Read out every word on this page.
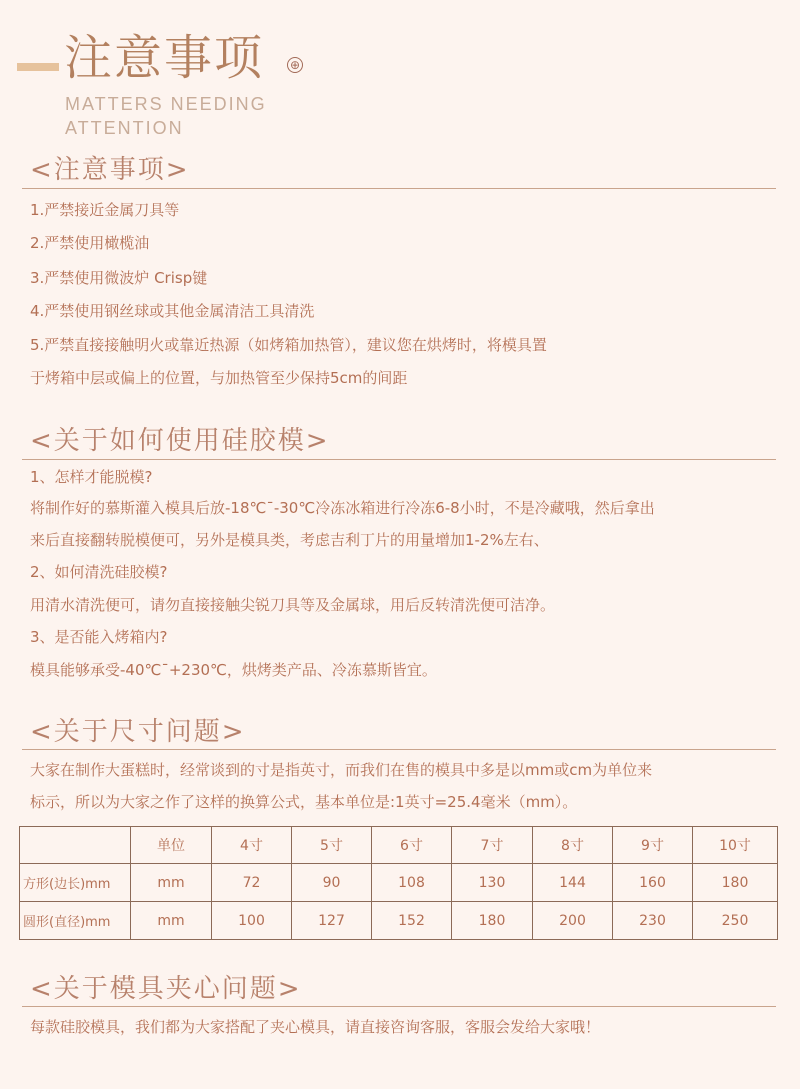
注意事项 ⊕
MATTERS NEEDING
ATTENTION
<注意事项>
1.严禁接近金属刀具等
2.严禁使用橄榄油
3.严禁使用微波炉 Crisp键
4.严禁使用钢丝球或其他金属清洁工具清洗
5.严禁直接接触明火或靠近热源（如烤箱加热管），建议您在烘烤时，将模具置
于烤箱中层或偏上的位置，与加热管至少保持5cm的间距
<关于如何使用硅胶模>
1、怎样才能脱模?
将制作好的慕斯灌入模具后放-18℃ˉ-30℃冷冻冰箱进行冷冻6-8小时，不是冷藏哦，然后拿出
来后直接翻转脱模便可，另外是模具类，考虑吉利丁片的用量增加1-2%左右、
2、如何清洗硅胶模?
用清水清洗便可，请勿直接接触尖锐刀具等及金属球，用后反转清洗便可洁净。
3、是否能入烤箱内?
模具能够承受-40℃ˉ+230℃，烘烤类产品、冷冻慕斯皆宜。
<关于尺寸问题>
大家在制作大蛋糕时，经常谈到的寸是指英寸，而我们在售的模具中多是以mm或cm为单位来
标示，所以为大家之作了这样的换算公式，基本单位是:1英寸=25.4毫米（mm）。
	单位	4寸	5寸	6寸	7寸	8寸	9寸	10寸
方形(边长)mm	mm	72	90	108	130	144	160	180
圆形(直径)mm	mm	100	127	152	180	200	230	250
<关于模具夹心问题>
每款硅胶模具，我们都为大家搭配了夹心模具，请直接咨询客服，客服会发给大家哦！
